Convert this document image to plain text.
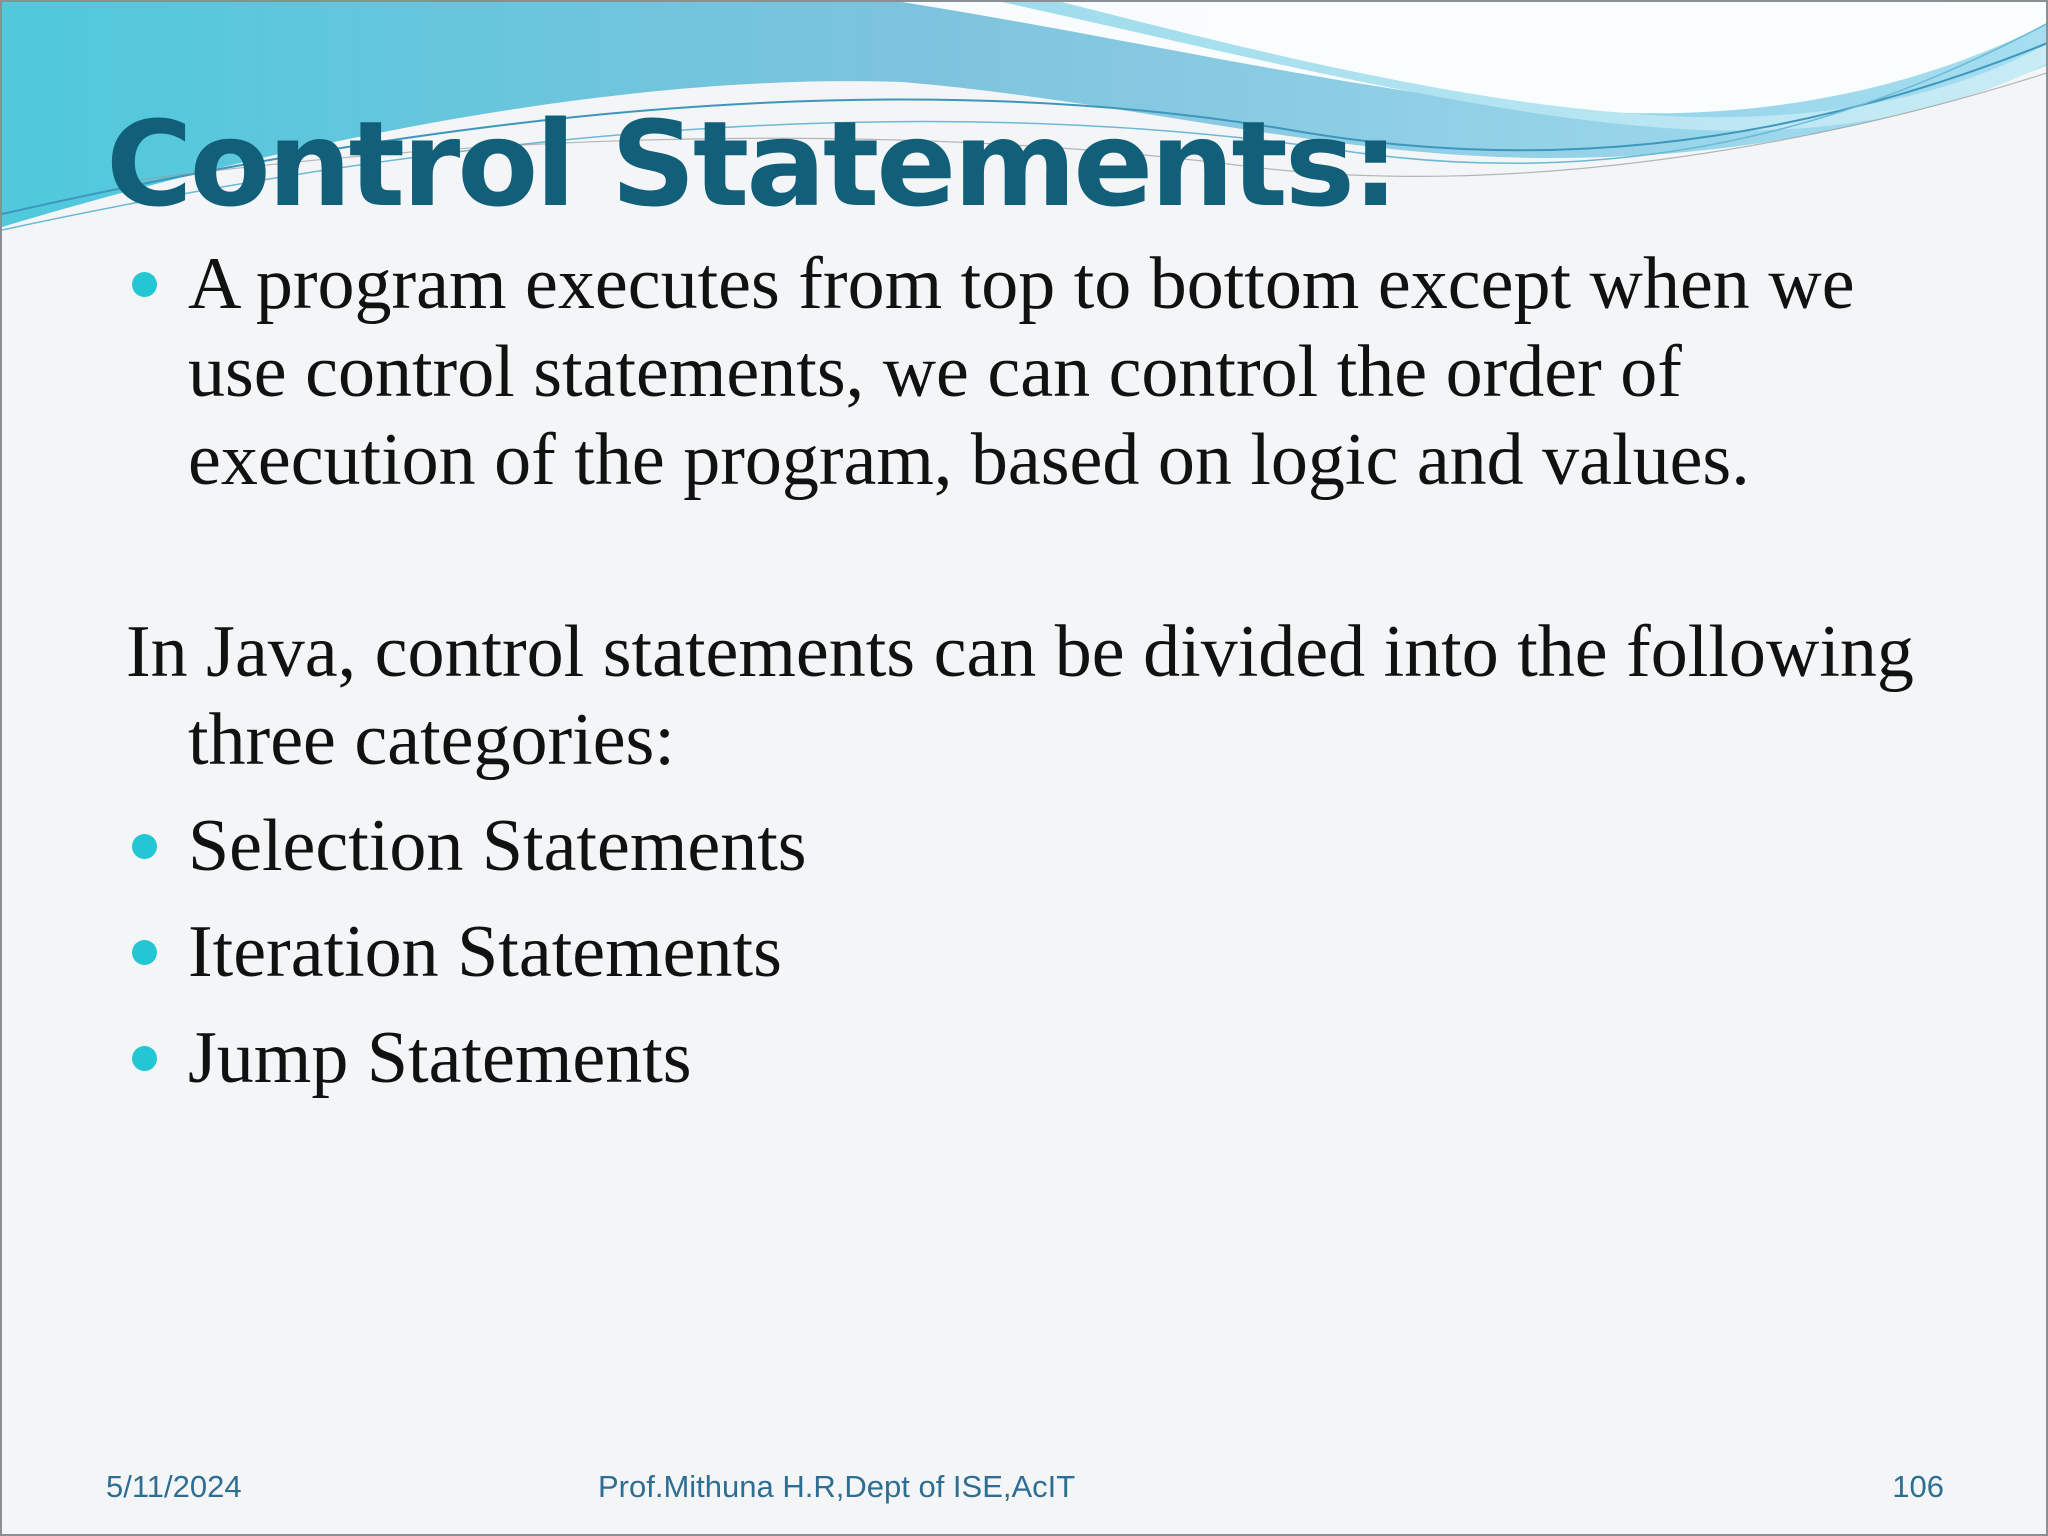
Control Statements:

A program executes from top to bottom except when we use control statements, we can control the order of execution of the program, based on logic and values.

In Java, control statements can be divided into the following three categories:

Selection Statements

Iteration Statements

Jump Statements

5/11/2024	Prof.Mithuna H.R,Dept of ISE,AcIT	106
